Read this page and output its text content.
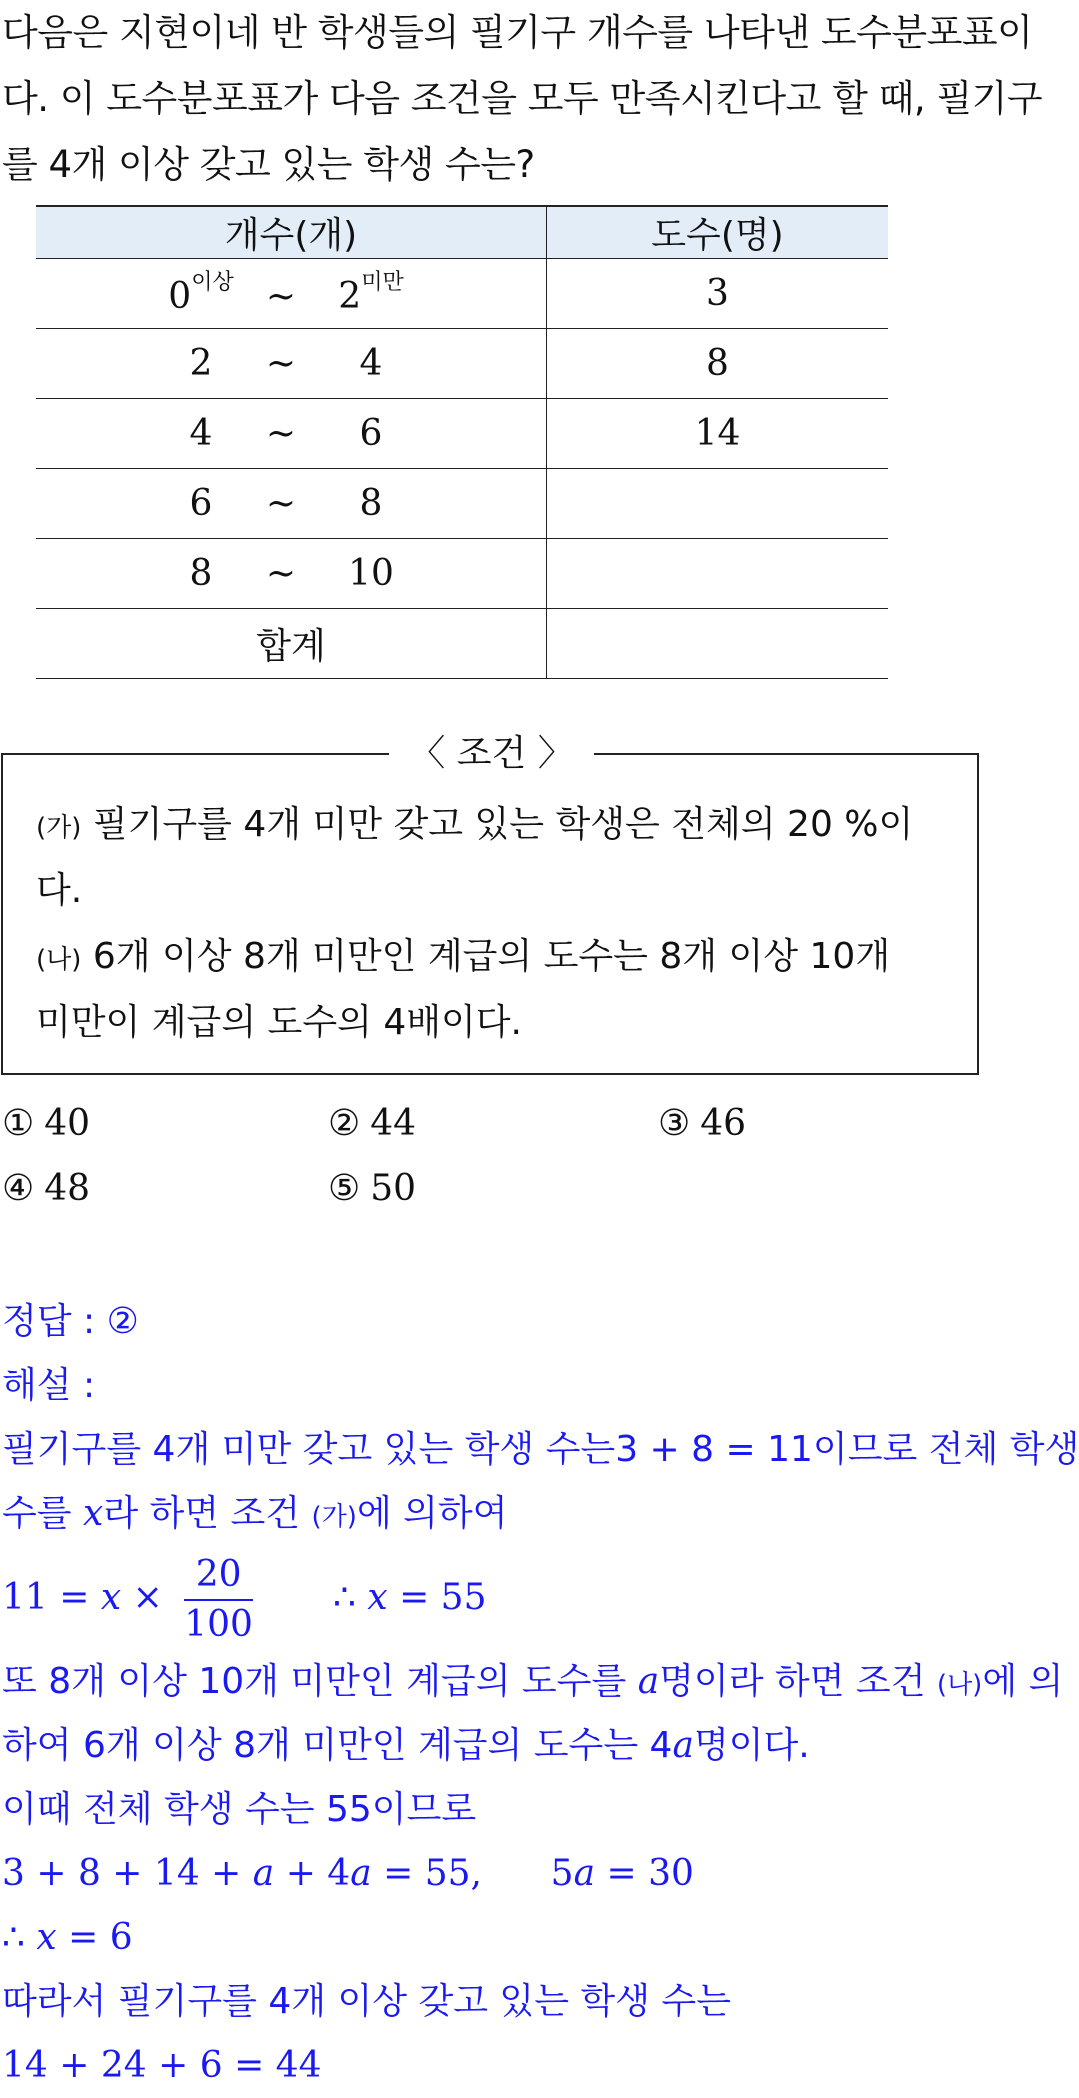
다음은 지현이네 반 학생들의 필기구 개수를 나타낸 도수분포표이
다. 이 도수분포표가 다음 조건을 모두 만족시킨다고 할 때, 필기구
를 4개 이상 갖고 있는 학생 수는?
개수(개)	도수(명)
$0^{이상}$ ~ $2^{미만}$	3
2 ~ 4	8
4 ~ 6	14
6 ~ 8	
8 ~ 10	
합계	
〈 조건 〉
(가) 필기구를 4개 미만 갖고 있는 학생은 전체의 20 %이
다.
(나) 6개 이상 8개 미만인 계급의 도수는 8개 이상 10개
미만이 계급의 도수의 4배이다.
① 40	② 44	③ 46
④ 48	⑤ 50
정답 : ②
해설 :
필기구를 4개 미만 갖고 있는 학생 수는3 + 8 = 11이므로 전체 학생
수를 x라 하면 조건 (가)에 의하여
$11 = x \times \frac{20}{100}$ ∴ x = 55
또 8개 이상 10개 미만인 계급의 도수를 a명이라 하면 조건 (나)에 의
하여 6개 이상 8개 미만인 계급의 도수는 4a명이다.
이때 전체 학생 수는 55이므로
3 + 8 + 14 + a + 4a = 55,      5a = 30
∴ x = 6
따라서 필기구를 4개 이상 갖고 있는 학생 수는
14 + 24 + 6 = 44
